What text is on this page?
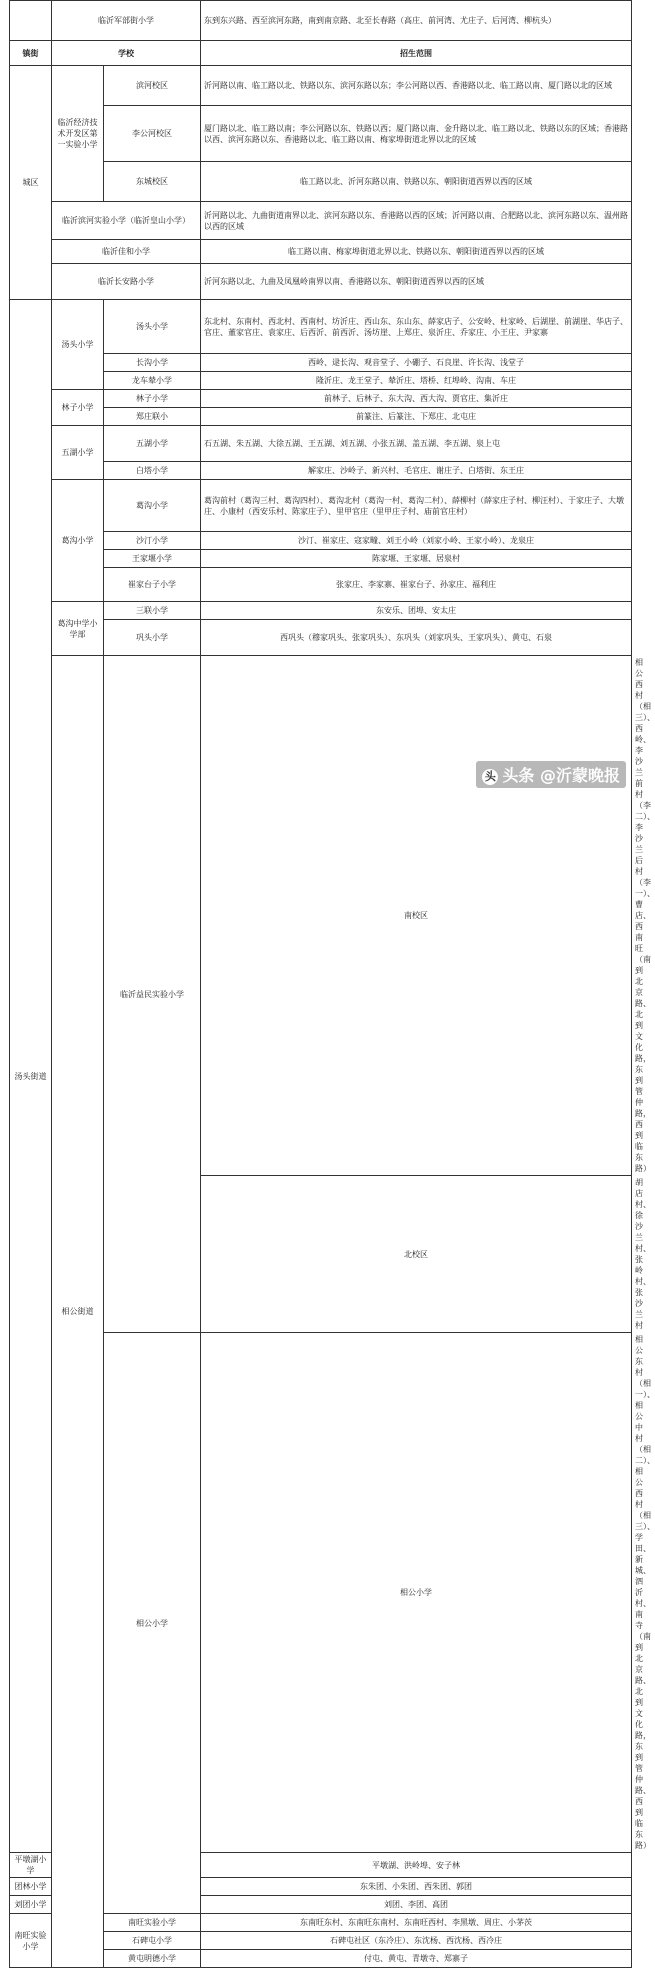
	临沂军部街小学		东到东兴路、西至滨河东路，南到南京路、北至长春路（高庄、前河湾、尤庄子、后河湾、柳杭头）	
镇街	学校		招生范围	
城区	临沂经济技术开发区第一实验小学	滨河校区	沂河路以南、临工路以北、铁路以东、滨河东路以东；李公河路以西、香港路以北、临工路以南、厦门路以北的区域	
		李公河校区	厦门路以北、临工路以南；李公河路以东、铁路以西；厦门路以南、金升路以北、临工路以北、铁路以东的区域；香港路以西、滨河东路以东、香港路以北、临工路以南、梅家埠街道北界以北的区域	
		东城校区	临工路以北、沂河东路以南、铁路以东、朝阳街道西界以西的区域	
	临沂滨河实验小学（临沂皇山小学）		沂河路以北、九曲街道南界以北、滨河东路以东、香港路以西的区域；沂河路以南、合肥路以北、滨河东路以东、温州路以西的区域	
	临沂佳和小学		临工路以南、梅家埠街道北界以北、铁路以东、朝阳街道西界以西的区域	
	临沂长安路小学		沂河东路以北、九曲及凤凰岭南界以南、香港路以东、朝阳街道西界以西的区域	
汤头街道	汤头小学	汤头小学	东北村、东南村、西北村、西南村、坊沂庄、西山东、东山东、薛家店子、公安岭、杜家岭、后湖崖、前湖崖、华店子、官庄、董家官庄、袁家庄、后西沂、前西沂、汤坊崖、上郑庄、泉沂庄、乔家庄、小王庄、尹家寨	
		长沟小学	西岭、逯长沟、观音堂子、小硼子、石良崖、许长沟、浅堂子	
		龙车辇小学	隆沂庄、龙王堂子、辇沂庄、塔桥、红埠岭、沟南、车庄	
	林子小学	林子小学	前林子、后林子、东大沟、西大沟、贾官庄、集沂庄	
		郑庄联小	前篆注、后篆注、下郑庄、北屯庄	
	五湖小学	五湖小学	石五湖、朱五湖、大徐五湖、王五湖、刘五湖、小张五湖、盖五湖、李五湖、泉上屯	
		白塔小学	解家庄、沙岭子、新兴村、毛官庄、谢庄子、白塔街、东王庄	
	葛沟小学	葛沟小学	葛沟前村（葛沟三村、葛沟四村）、葛沟北村（葛沟一村、葛沟二村）、薛柳村（薛家庄子村、柳汪村）、于家庄子、大墩庄、小康村（西安乐村、陈家庄子）、里甲官庄（里甲庄子村、庙前官庄村）	
		沙汀小学	沙汀、崔家庄、寇家疃、刘王小岭（刘家小岭、王家小岭）、龙泉庄	
		王家堰小学	陈家堰、王家堰、居泉村	
		崔家台子小学	张家庄、李家寨、崔家台子、孙家庄、福利庄	
	葛沟中学小学部	三联小学	东安乐、团埠、安太庄	
		巩头小学	西巩头（穆家巩头、张家巩头）、东巩头（刘家巩头、王家巩头）、黄屯、石泉	
	相公街道	临沂益民实验小学	南校区	相公西村（相三）、西岭、李沙兰前村（李二）、李沙兰后村（李一）、曹店、西南旺（南到北京路、北到文化路，东到管仲路，西到临东路）
			北校区	胡店村、徐沙兰村、张岭村、张沙兰村
		相公小学	相公小学	相公东村（相一）、相公中村（相二）、相公西村（相三）、学田、新城、泗沂村、南寺（南到北京路、北到文化路，东到管仲路、西到临东路）
平墩湖小学			平墩湖、洪岭埠、安子林	
团林小学			东朱团、小朱团、西朱团、郭团	
刘团小学			刘团、李团、高团	
南旺实验小学		南旺实验小学	东南旺东村、东南旺东南村、东南旺西村、李黑墩、周庄、小茅茨	
		石碑屯小学	石碑屯社区（东冷庄）、东沈杨、西沈杨、西冷庄	
		黄屯明德小学	付屯、黄屯、青墩寺、郑寨子	
头 头条 @沂蒙晚报
